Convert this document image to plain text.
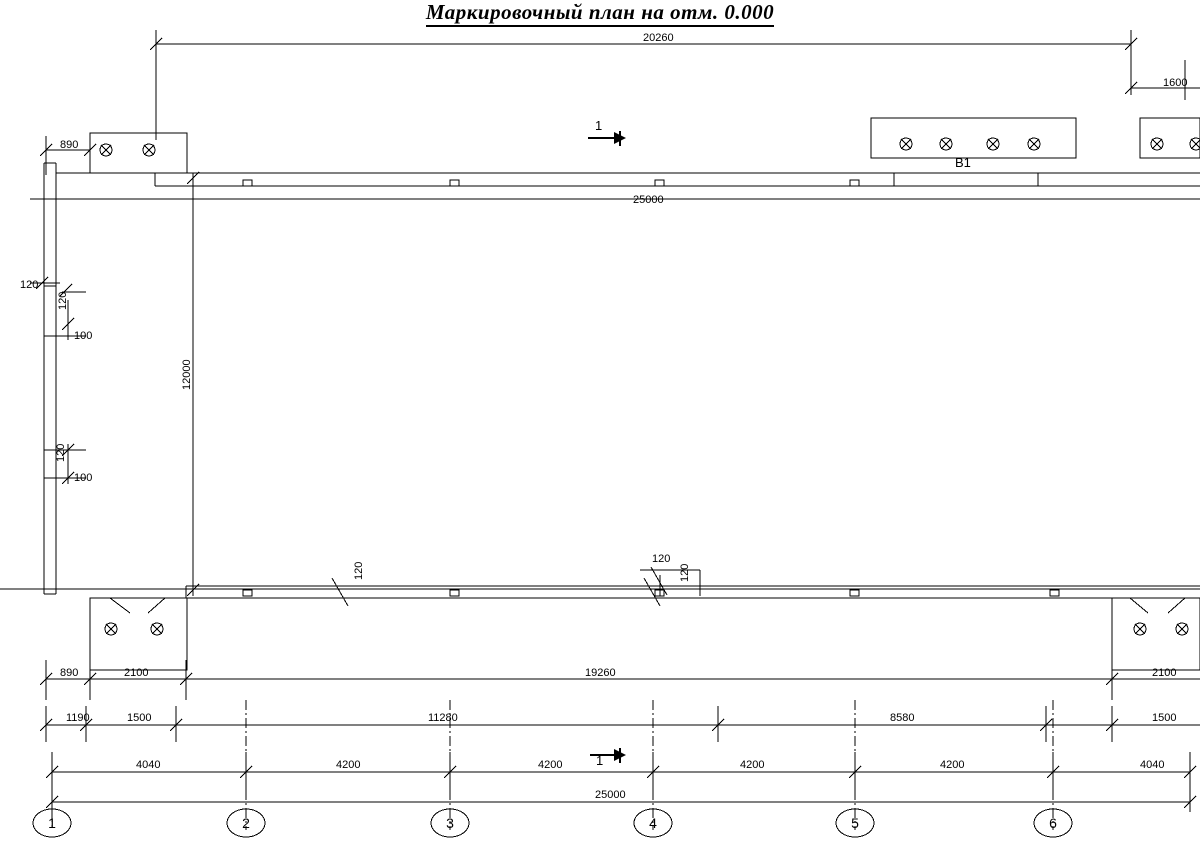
Маркировочный план на отм. 0.000
20260
1600
25000
890
120
100
100
120
120
12000
120
120
120
890	2100	2100
19260
1190	1500	11280	8580	1500
4040	4200	4200	4200	4200	4040
25000
1
1
В1
1	2	3	4	5	6
